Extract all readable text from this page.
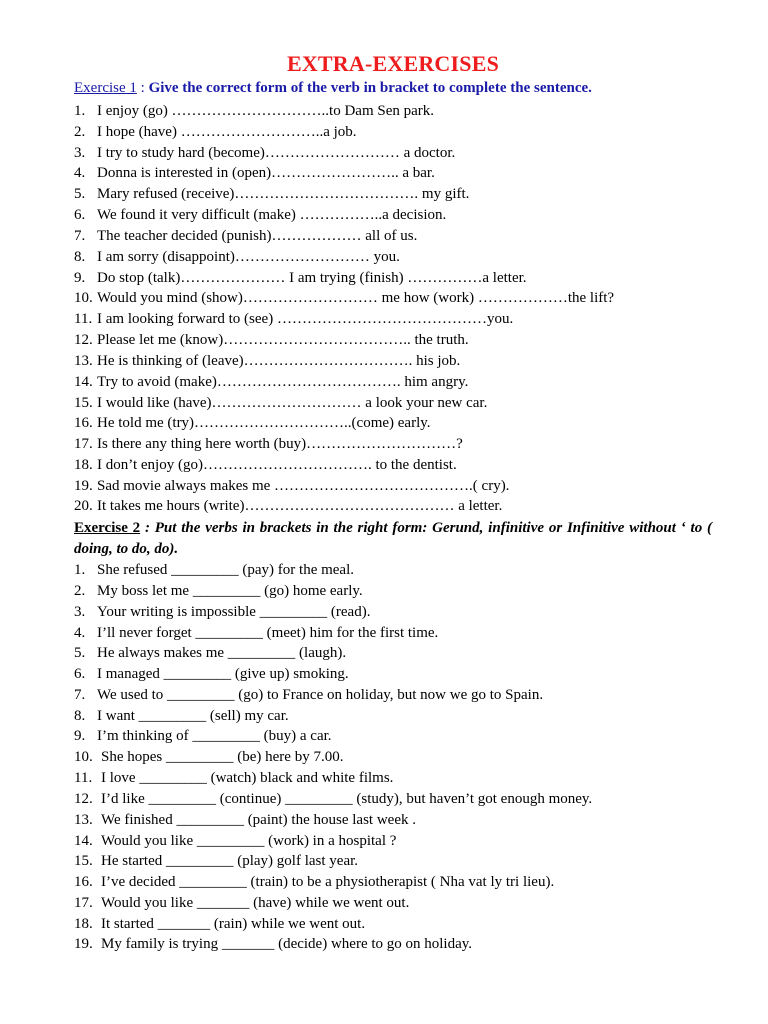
EXTRA-EXERCISES
Exercise 1 : Give the correct form of the verb in bracket to complete the sentence.
1. I enjoy (go) …………………………..to Dam Sen park.
2. I hope (have) ………………………..a job.
3. I try to study hard (become)……………………… a doctor.
4. Donna is interested in (open)…………………….. a bar.
5. Mary refused (receive)………………………………. my gift.
6. We found it very difficult (make) ……………..a decision.
7. The teacher decided (punish)……………… all of us.
8. I am sorry (disappoint)……………………… you.
9. Do stop (talk)………………… I am trying (finish) ……………a letter.
10. Would you mind (show)……………………… me how (work) ………………the lift?
11. I am looking forward to (see) ……………………………………you.
12. Please let me (know)……………………………….. the truth.
13. He is thinking of (leave)……………………………. his job.
14. Try to avoid (make)………………………………. him angry.
15. I would like (have)………………………… a look your new car.
16. He told me (try)…………………………..(come) early.
17. Is there any thing here worth (buy)…………………………?
18. I don’t enjoy (go)……………………………. to the dentist.
19. Sad movie always makes me ………………………………….( cry).
20. It takes me hours (write)…………………………………… a letter.
Exercise 2 : Put the verbs in brackets in the right form: Gerund, infinitive or Infinitive without ‘ to ( doing, to do, do).
1. She refused _________ (pay) for the meal.
2. My boss let me _________ (go) home early.
3. Your writing is impossible _________ (read).
4. I’ll never forget _________ (meet) him for the first time.
5. He always makes me _________ (laugh).
6. I managed _________ (give up) smoking.
7. We used to _________ (go) to France on holiday, but now we go to Spain.
8. I want _________ (sell) my car.
9. I’m thinking of _________ (buy) a car.
10. She hopes _________ (be) here by 7.00.
11. I love _________ (watch) black and white films.
12. I’d like _________ (continue) _________ (study), but haven’t got enough money.
13. We finished _________ (paint) the house last week .
14. Would you like _________ (work) in a hospital ?
15. He started _________ (play) golf last year.
16. I’ve decided _________ (train) to be a physiotherapist ( Nha vat ly tri lieu).
17. Would you like _______ (have) while we went out.
18. It started _______ (rain) while we went out.
19. My family is trying _______ (decide) where to go on holiday.
